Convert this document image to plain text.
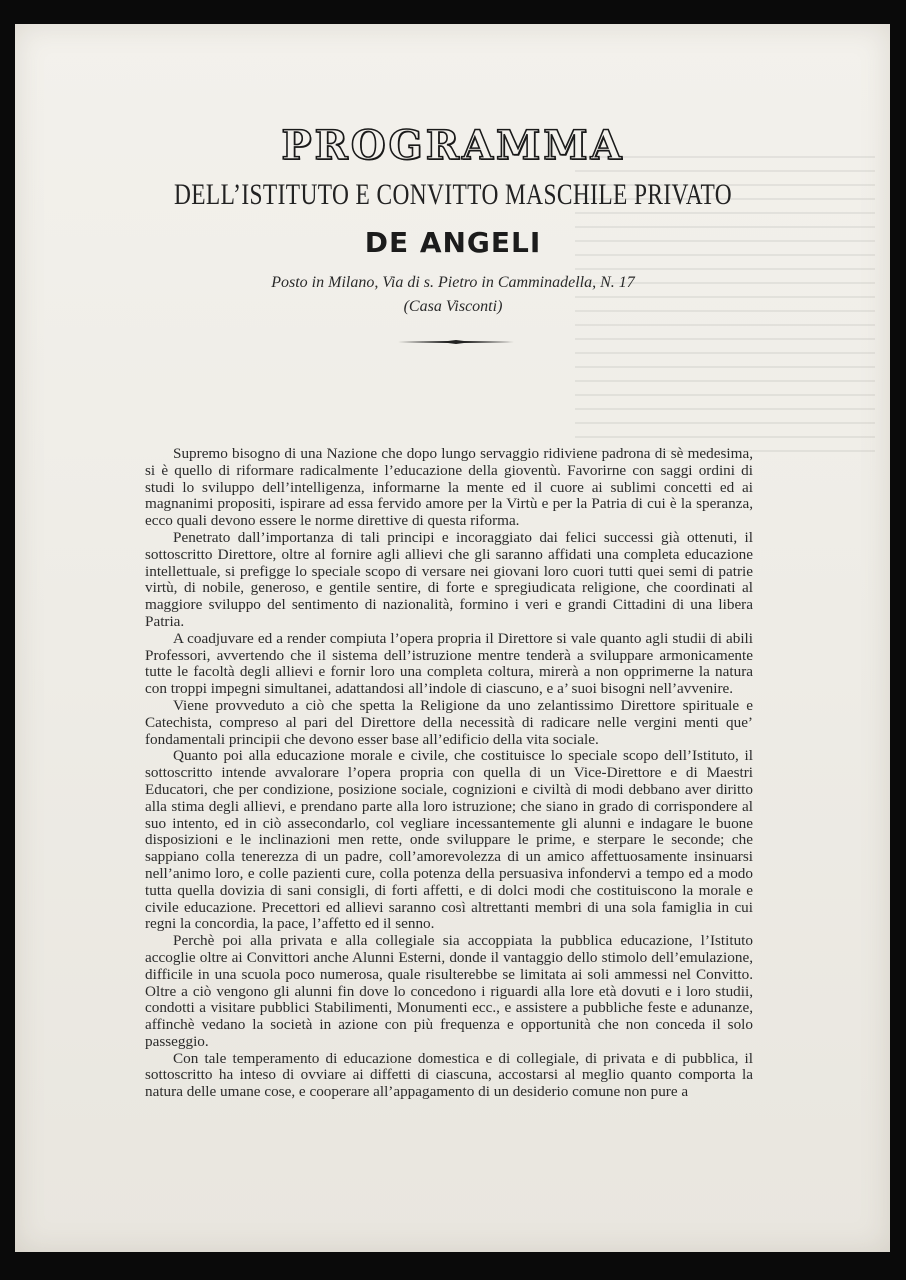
PROGRAMMA
DELL’ISTITUTO E CONVITTO MASCHILE PRIVATO
DE ANGELI
Posto in Milano, Via di s. Pietro in Camminadella, N. 17
(Casa Visconti)

Supremo bisogno di una Nazione che dopo lungo servaggio ridiviene padrona di sè medesima, si è quello di riformare radicalmente l’educazione della gioventù. Favorirne con saggi ordini di studi lo sviluppo dell’intelligenza, informarne la mente ed il cuore ai sublimi concetti ed ai magnanimi propositi, ispirare ad essa fervido amore per la Virtù e per la Patria di cui è la speranza, ecco quali devono essere le norme direttive di questa riforma.

Penetrato dall’importanza di tali principi e incoraggiato dai felici successi già ottenuti, il sottoscritto Direttore, oltre al fornire agli allievi che gli saranno affidati una completa educazione intellettuale, si prefigge lo speciale scopo di versare nei giovani loro cuori tutti quei semi di patrie virtù, di nobile, generoso, e gentile sentire, di forte e spregiudicata religione, che coordinati al maggiore sviluppo del sentimento di nazionalità, formino i veri e grandi Cittadini di una libera Patria.

A coadjuvare ed a render compiuta l’opera propria il Direttore si vale quanto agli studii di abili Professori, avvertendo che il sistema dell’istruzione mentre tenderà a sviluppare armonicamente tutte le facoltà degli allievi e fornir loro una completa coltura, mirerà a non opprimerne la natura con troppi impegni simultanei, adattandosi all’indole di ciascuno, e a’ suoi bisogni nell’avvenire.

Viene provveduto a ciò che spetta la Religione da uno zelantissimo Direttore spirituale e Catechista, compreso al pari del Direttore della necessità di radicare nelle vergini menti que’ fondamentali principii che devono esser base all’edificio della vita sociale.

Quanto poi alla educazione morale e civile, che costituisce lo speciale scopo dell’Istituto, il sottoscritto intende avvalorare l’opera propria con quella di un Vice-Direttore e di Maestri Educatori, che per condizione, posizione sociale, cognizioni e civiltà di modi debbano aver diritto alla stima degli allievi, e prendano parte alla loro istruzione; che siano in grado di corrispondere al suo intento, ed in ciò assecondarlo, col vegliare incessantemente gli alunni e indagare le buone disposizioni e le inclinazioni men rette, onde sviluppare le prime, e sterpare le seconde; che sappiano colla tenerezza di un padre, coll’amorevolezza di un amico affettuosamente insinuarsi nell’animo loro, e colle pazienti cure, colla potenza della persuasiva infondervi a tempo ed a modo tutta quella dovizia di sani consigli, di forti affetti, e di dolci modi che costituiscono la morale e civile educazione. Precettori ed allievi saranno così altrettanti membri di una sola famiglia in cui regni la concordia, la pace, l’affetto ed il senno.

Perchè poi alla privata e alla collegiale sia accoppiata la pubblica educazione, l’Istituto accoglie oltre ai Convittori anche Alunni Esterni, donde il vantaggio dello stimolo dell’emulazione, difficile in una scuola poco numerosa, quale risulterebbe se limitata ai soli ammessi nel Convitto. Oltre a ciò vengono gli alunni fin dove lo concedono i riguardi alla lore età dovuti e i loro studii, condotti a visitare pubblici Stabilimenti, Monumenti ecc., e assistere a pubbliche feste e adunanze, affinchè vedano la società in azione con più frequenza e opportunità che non conceda il solo passeggio.

Con tale temperamento di educazione domestica e di collegiale, di privata e di pubblica, il sottoscritto ha inteso di ovviare ai diffetti di ciascuna, accostarsi al meglio quanto comporta la natura delle umane cose, e cooperare all’appagamento di un desiderio comune non pure a
